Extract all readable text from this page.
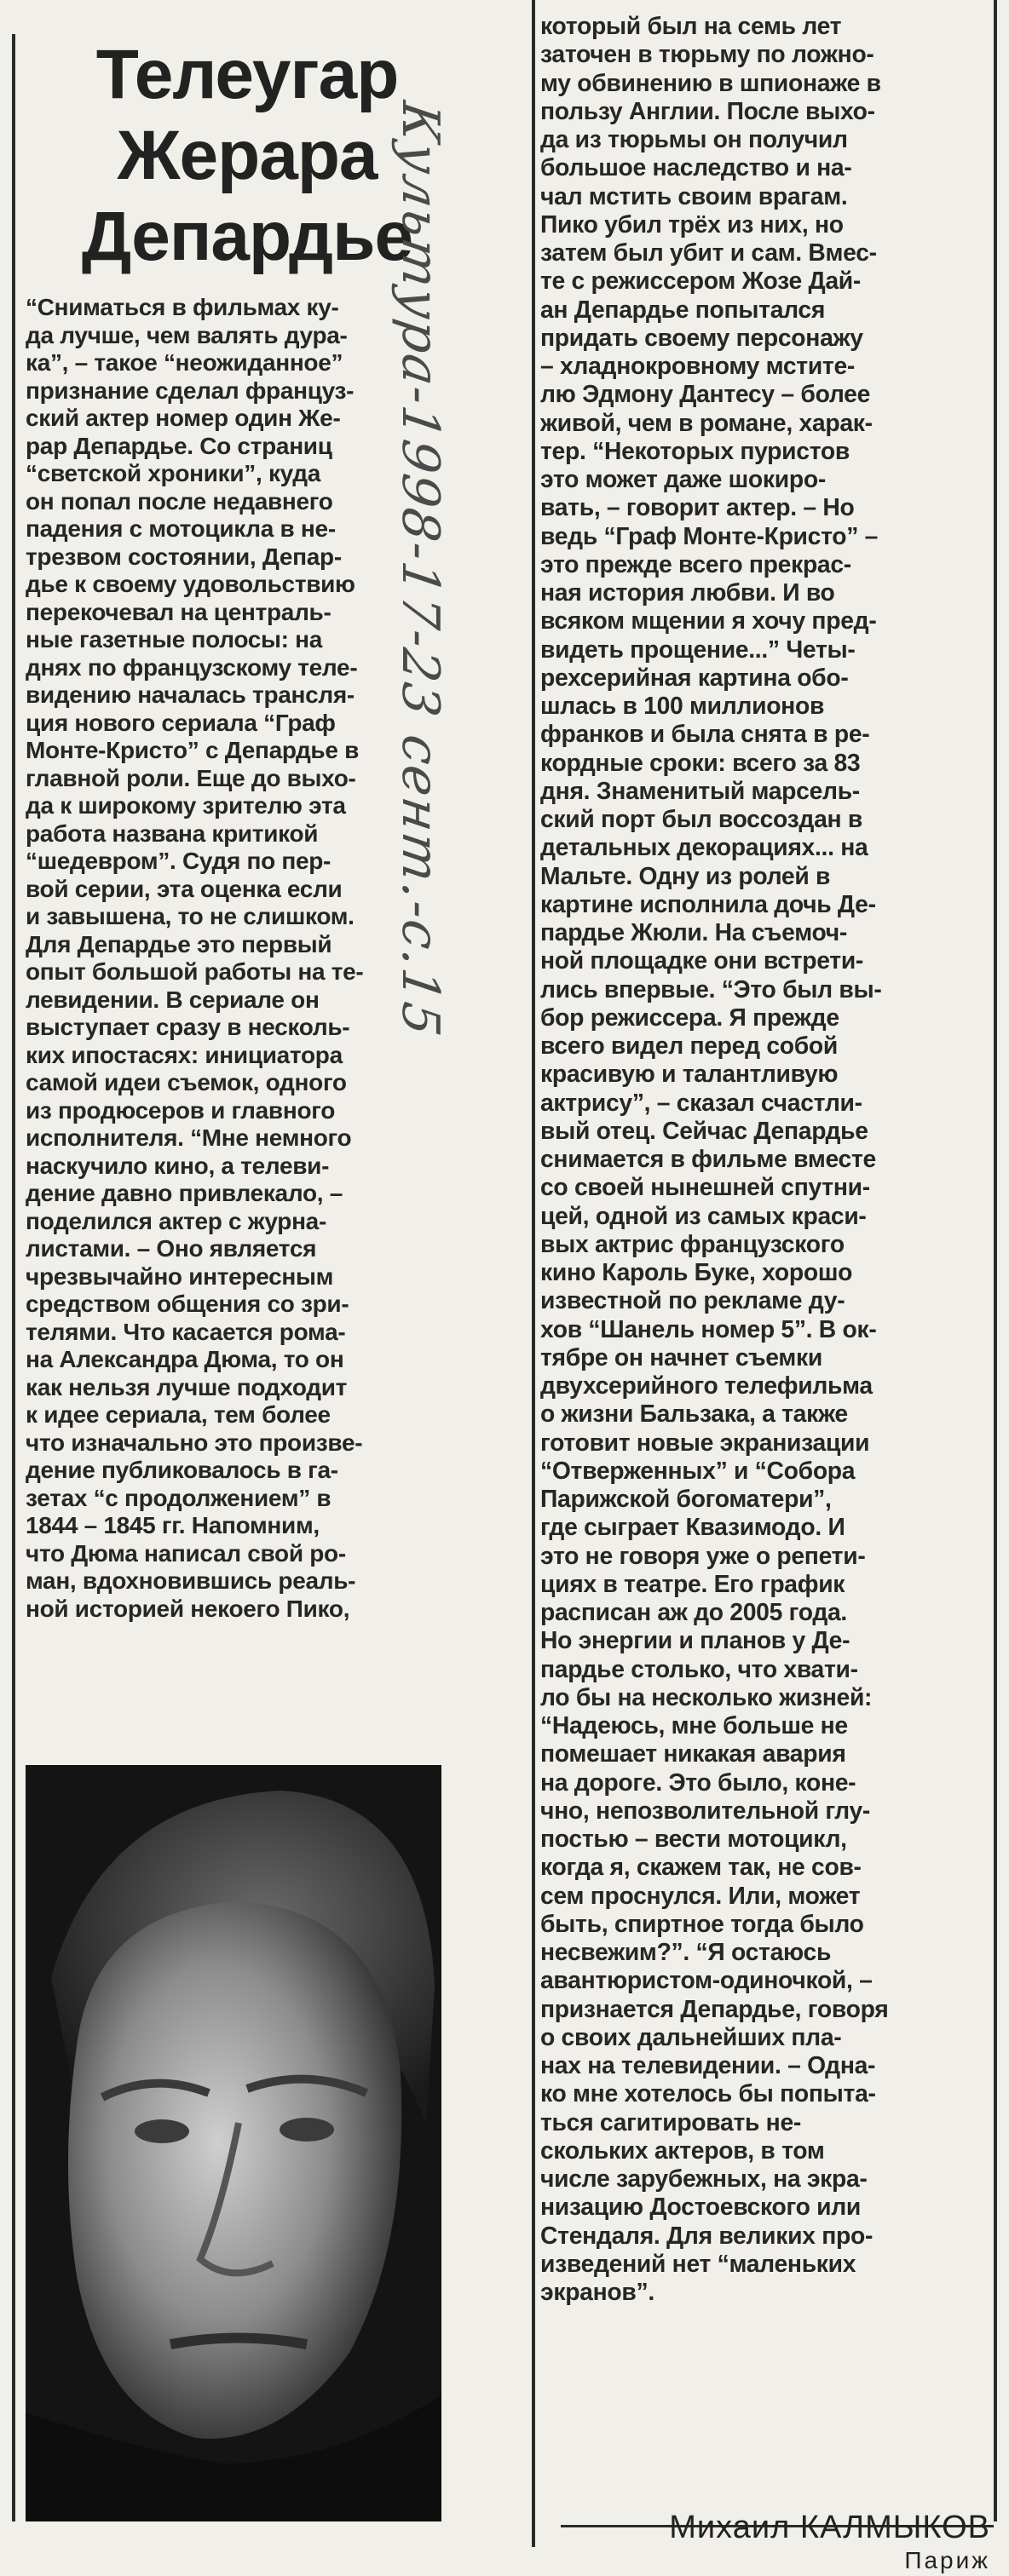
Телеугар
Жерара
Депардье
Культура-1998-17-23 сент.-с.15

“Сниматься в фильмах ку-
да лучше, чем валять дура-
ка”, – такое “неожиданное”
признание сделал француз-
ский актер номер один Же-
рар Депардье. Со страниц
“светской хроники”, куда
он попал после недавнего
падения с мотоцикла в не-
трезвом состоянии, Депар-
дье к своему удовольствию
перекочевал на централь-
ные газетные полосы: на
днях по французскому теле-
видению началась трансля-
ция нового сериала “Граф
Монте-Кристо” с Депардье в
главной роли. Еще до выхо-
да к широкому зрителю эта
работа названа критикой
“шедевром”. Судя по пер-
вой серии, эта оценка если
и завышена, то не слишком.
Для Депардье это первый
опыт большой работы на те-
левидении. В сериале он
выступает сразу в несколь-
ких ипостасях: инициатора
самой идеи съемок, одного
из продюсеров и главного
исполнителя. “Мне немного
наскучило кино, а телеви-
дение давно привлекало, –
поделился актер с журна-
листами. – Оно является
чрезвычайно интересным
средством общения со зри-
телями. Что касается рома-
на Александра Дюма, то он
как нельзя лучше подходит
к идее сериала, тем более
что изначально это произве-
дение публиковалось в га-
зетах “с продолжением” в
1844 – 1845 гг. Напомним,
что Дюма написал свой ро-
ман, вдохновившись реаль-
ной историей некоего Пико,

который был на семь лет
заточен в тюрьму по ложно-
му обвинению в шпионаже в
пользу Англии. После выхо-
да из тюрьмы он получил
большое наследство и на-
чал мстить своим врагам.
Пико убил трёх из них, но
затем был убит и сам. Вмес-
те с режиссером Жозе Дай-
ан Депардье попытался
придать своему персонажу
– хладнокровному мстите-
лю Эдмону Дантесу – более
живой, чем в романе, харак-
тер. “Некоторых пуристов
это может даже шокиро-
вать, – говорит актер. – Но
ведь “Граф Монте-Кристо” –
это прежде всего прекрас-
ная история любви. И во
всяком мщении я хочу пред-
видеть прощение...” Четы-
рехсерийная картина обо-
шлась в 100 миллионов
франков и была снята в ре-
кордные сроки: всего за 83
дня. Знаменитый марсель-
ский порт был воссоздан в
детальных декорациях... на
Мальте. Одну из ролей в
картине исполнила дочь Де-
пардье Жюли. На съемоч-
ной площадке они встрети-
лись впервые. “Это был вы-
бор режиссера. Я прежде
всего видел перед собой
красивую и талантливую
актрису”, – сказал счастли-
вый отец. Сейчас Депардье
снимается в фильме вместе
со своей нынешней спутни-
цей, одной из самых краси-
вых актрис французского
кино Кароль Буке, хорошо
известной по рекламе ду-
хов “Шанель номер 5”. В ок-
тябре он начнет съемки
двухсерийного телефильма
о жизни Бальзака, а также
готовит новые экранизации
“Отверженных” и “Собора
Парижской богоматери”,
где сыграет Квазимодо. И
это не говоря уже о репети-
циях в театре. Его график
расписан аж до 2005 года.
Но энергии и планов у Де-
пардье столько, что хвати-
ло бы на несколько жизней:
“Надеюсь, мне больше не
помешает никакая авария
на дороге. Это было, коне-
чно, непозволительной глу-
постью – вести мотоцикл,
когда я, скажем так, не сов-
сем проснулся. Или, может
быть, спиртное тогда было
несвежим?”. “Я остаюсь
авантюристом-одиночкой, –
признается Депардье, говоря
о своих дальнейших пла-
нах на телевидении. – Одна-
ко мне хотелось бы попыта-
ться сагитировать не-
скольких актеров, в том
числе зарубежных, на экра-
низацию Достоевского или
Стендаля. Для великих про-
изведений нет “маленьких
экранов”.

Михаил КАЛМЫКОВ
Париж
